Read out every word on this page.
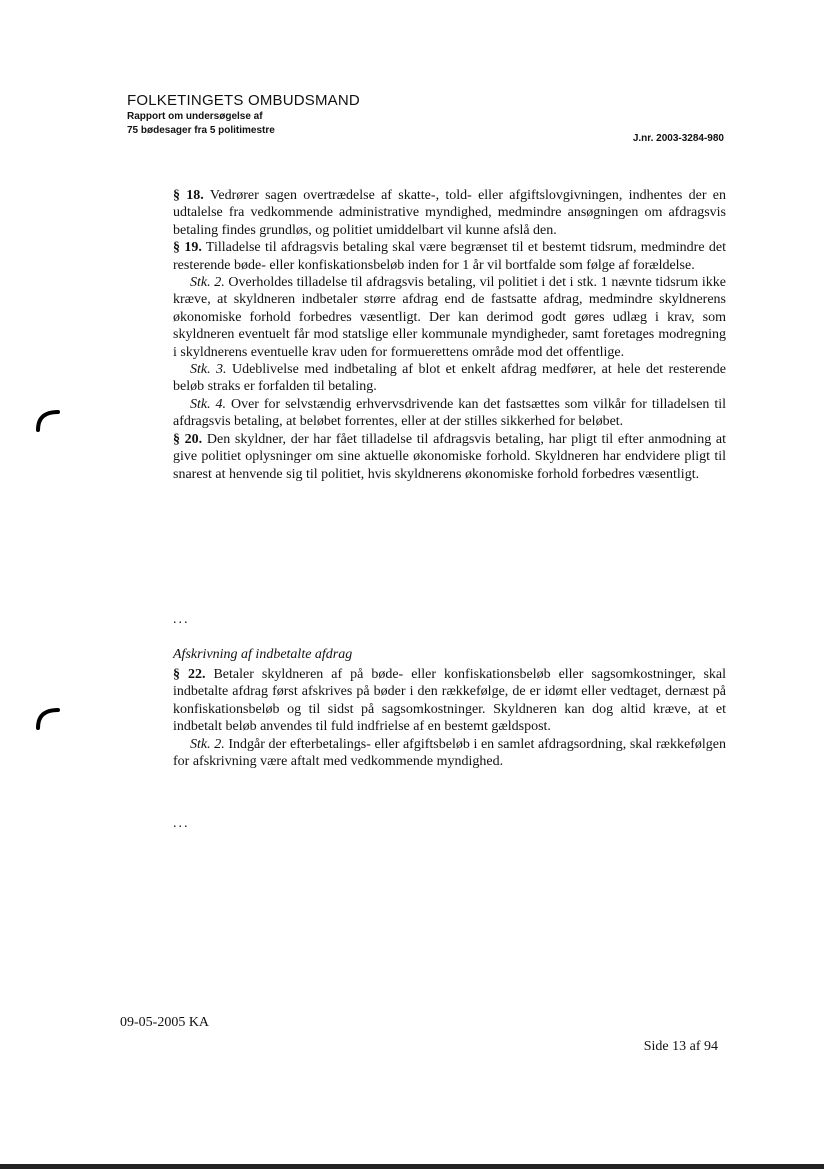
FOLKETINGETS OMBUDSMAND
Rapport om undersøgelse af
75 bødesager fra 5 politimestre
J.nr. 2003-3284-980

§ 18. Vedrører sagen overtrædelse af skatte-, told- eller afgiftslovgivningen, indhentes der en udtalelse fra vedkommende administrative myndighed, medmindre ansøgningen om afdragsvis betaling findes grundløs, og politiet umiddelbart vil kunne afslå den.

§ 19. Tilladelse til afdragsvis betaling skal være begrænset til et bestemt tidsrum, medmindre det resterende bøde- eller konfiskationsbeløb inden for 1 år vil bortfalde som følge af forældelse.

Stk. 2. Overholdes tilladelse til afdragsvis betaling, vil politiet i det i stk. 1 nævnte tidsrum ikke kræve, at skyldneren indbetaler større afdrag end de fastsatte afdrag, medmindre skyldnerens økonomiske forhold forbedres væsentligt. Der kan derimod godt gøres udlæg i krav, som skyldneren eventuelt får mod statslige eller kommunale myndigheder, samt foretages modregning i skyldnerens eventuelle krav uden for formuerettens område mod det offentlige.

Stk. 3. Udeblivelse med indbetaling af blot et enkelt afdrag medfører, at hele det resterende beløb straks er forfalden til betaling.

Stk. 4. Over for selvstændig erhvervsdrivende kan det fastsættes som vilkår for tilladelsen til afdragsvis betaling, at beløbet forrentes, eller at der stilles sikkerhed for beløbet.

§ 20. Den skyldner, der har fået tilladelse til afdragsvis betaling, har pligt til efter anmodning at give politiet oplysninger om sine aktuelle økonomiske forhold. Skyldneren har endvidere pligt til snarest at henvende sig til politiet, hvis skyldnerens økonomiske forhold forbedres væsentligt.

...
Afskrivning af indbetalte afdrag

§ 22. Betaler skyldneren af på bøde- eller konfiskationsbeløb eller sagsomkostninger, skal indbetalte afdrag først afskrives på bøder i den rækkefølge, de er idømt eller vedtaget, dernæst på konfiskationsbeløb og til sidst på sagsomkostninger. Skyldneren kan dog altid kræve, at et indbetalt beløb anvendes til fuld indfrielse af en bestemt gældspost.

Stk. 2. Indgår der efterbetalings- eller afgiftsbeløb i en samlet afdragsordning, skal rækkefølgen for afskrivning være aftalt med vedkommende myndighed.

...
09-05-2005 KA
Side 13 af 94
